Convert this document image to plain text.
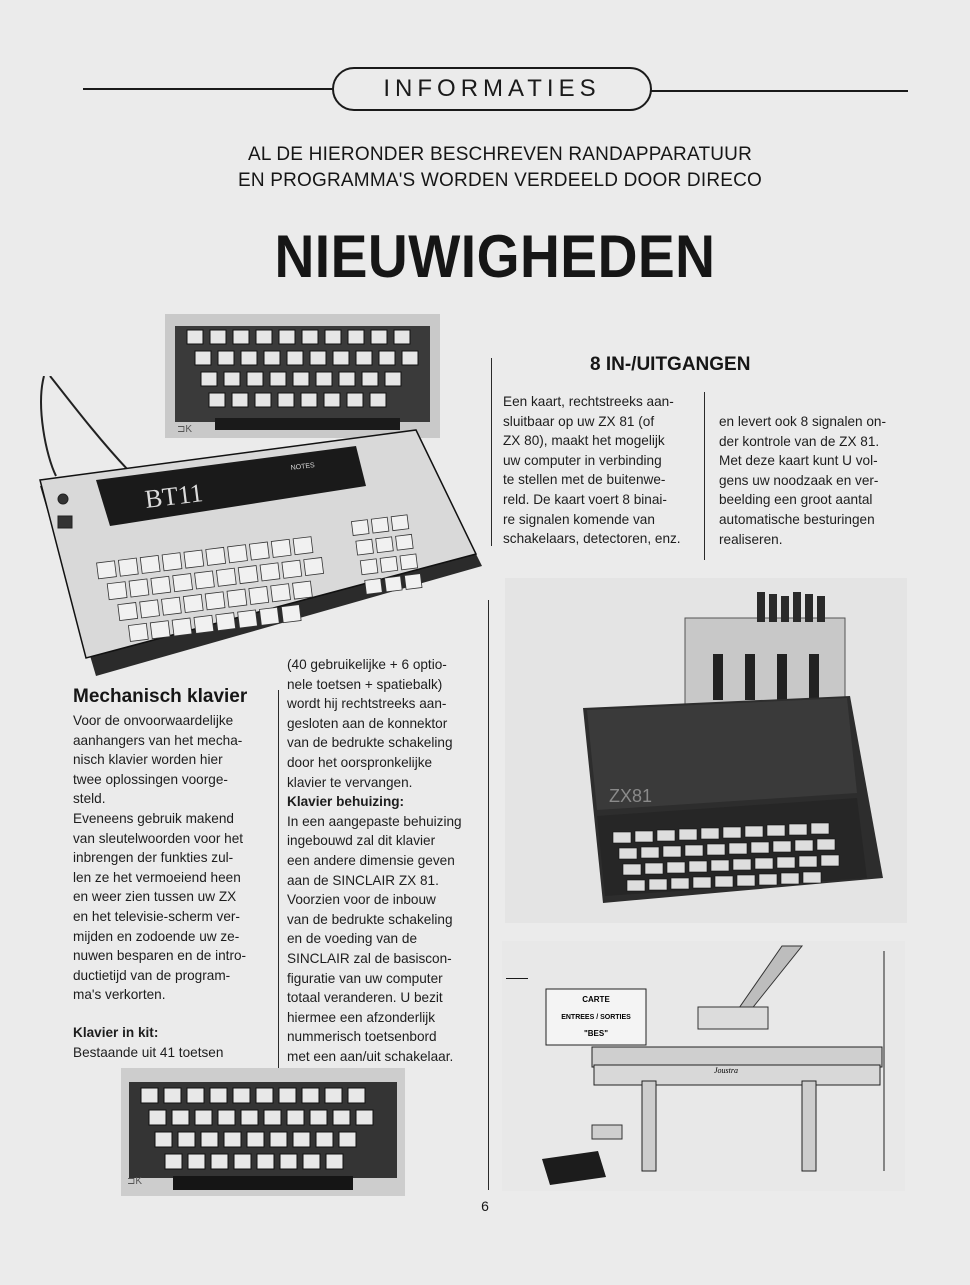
INFORMATIES
AL DE HIERONDER BESCHREVEN RANDAPPARATUUR
EN PROGRAMMA'S WORDEN VERDEELD DOOR DIRECO
NIEUWIGHEDEN
⊐K
BT11
NOTES
8 IN-/UITGANGEN

Een kaart, rechtstreeks aan-

sluitbaar op uw ZX 81 (of

ZX 80), maakt het mogelijk

uw computer in verbinding

te stellen met de buitenwe-

reld. De kaart voert 8 binai-

re signalen komende van

schakelaars, detectoren, enz.

en levert ook 8 signalen on-

der kontrole van de ZX 81.

Met deze kaart kunt U vol-

gens uw noodzaak en ver-

beelding een groot aantal

automatische besturingen

realiseren.

ZX81
Mechanisch klavier

Voor de onvoorwaardelijke

aanhangers van het mecha-

nisch klavier worden hier

twee oplossingen voorge-

steld.

Eveneens gebruik makend

van sleutelwoorden voor het

inbrengen der funkties zul-

len ze het vermoeiend heen

en weer zien tussen uw ZX

en het televisie-scherm ver-

mijden en zodoende uw ze-

nuwen besparen en de intro-

ductietijd van de program-

ma's verkorten.

Klavier in kit:

Bestaande uit 41 toetsen

(40 gebruikelijke + 6 optio-

nele toetsen + spatiebalk)

wordt hij rechtstreeks aan-

gesloten aan de konnektor

van de bedrukte schakeling

door het oorspronkelijke

klavier te vervangen.

Klavier behuizing:

In een aangepaste behuizing

ingebouwd zal dit klavier

een andere dimensie geven

aan de SINCLAIR ZX 81.

Voorzien voor de inbouw

van de bedrukte schakeling

en de voeding van de

SINCLAIR zal de basiscon-

figuratie van uw computer

totaal veranderen. U bezit

hiermee een afzonderlijk

nummerisch toetsenbord

met een aan/uit schakelaar.

⊐K
CARTE
ENTREES / SORTIES
"BES"
Joustra
6
